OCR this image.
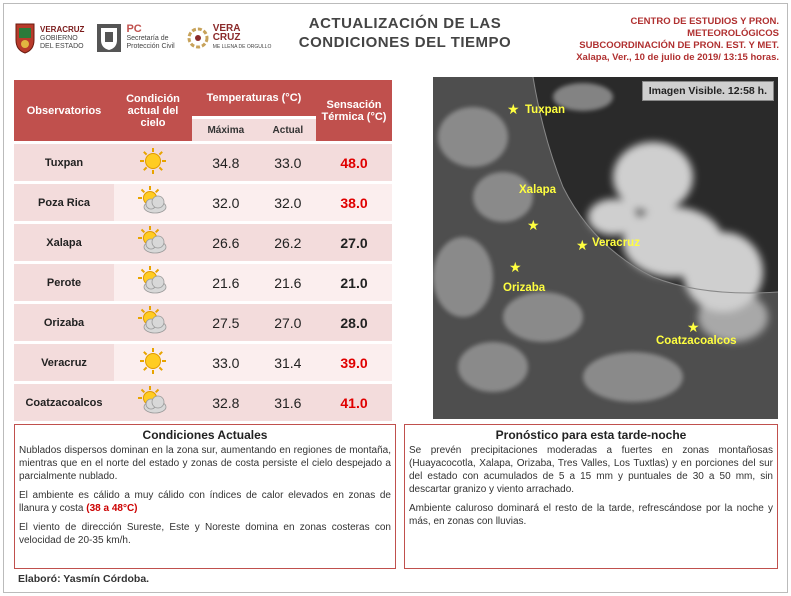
VERACRUZ
GOBIERNO
DEL ESTADO
PC
Secretaría de
Protección Civil
VERA
CRUZ
ME LLENA DE ORGULLO
ACTUALIZACIÓN DE LAS
CONDICIONES DEL TIEMPO
CENTRO DE ESTUDIOS Y PRON.
METEOROLÓGICOS
SUBCOORDINACIÓN DE PRON. EST. Y MET.
Xalapa, Ver., 10 de julio de 2019/ 13:15 horas.
Observatorios	Condición actual del cielo	Temperaturas (°C)		Sensación Térmica (°C)
		Máxima	Actual	
Tuxpan		34.8	33.0	48.0
Poza Rica		32.0	32.0	38.0
Xalapa		26.6	26.2	27.0
Perote		21.6	21.6	21.0
Orizaba		27.5	27.0	28.0
Veracruz		33.0	31.4	39.0
Coatzacoalcos		32.8	31.6	41.0
Imagen Visible. 12:58 h.
★ Tuxpan
Xalapa
★
★ Veracruz
★
Orizaba
★
Coatzacoalcos
Condiciones Actuales

Nublados dispersos dominan en la zona sur, aumentando en regiones de montaña, mientras que en el norte del estado y zonas de costa persiste el cielo despejado a parcialmente nublado.

El ambiente es cálido a muy cálido con índices de calor elevados en zonas de llanura y costa (38 a 48°C)

El viento de dirección Sureste, Este y Noreste domina en zonas costeras con velocidad de 20-35 km/h.

Pronóstico para esta tarde-noche

Se prevén precipitaciones moderadas a fuertes en zonas montañosas (Huayacocotla, Xalapa, Orizaba, Tres Valles, Los Tuxtlas) y en porciones del sur del estado con acumulados de 5 a 15 mm y puntuales de 30 a 50 mm, sin descartar granizo y viento arrachado.

Ambiente caluroso dominará el resto de la tarde, refrescándose por la noche y más, en zonas con lluvias.

Elaboró: Yasmín Córdoba.
